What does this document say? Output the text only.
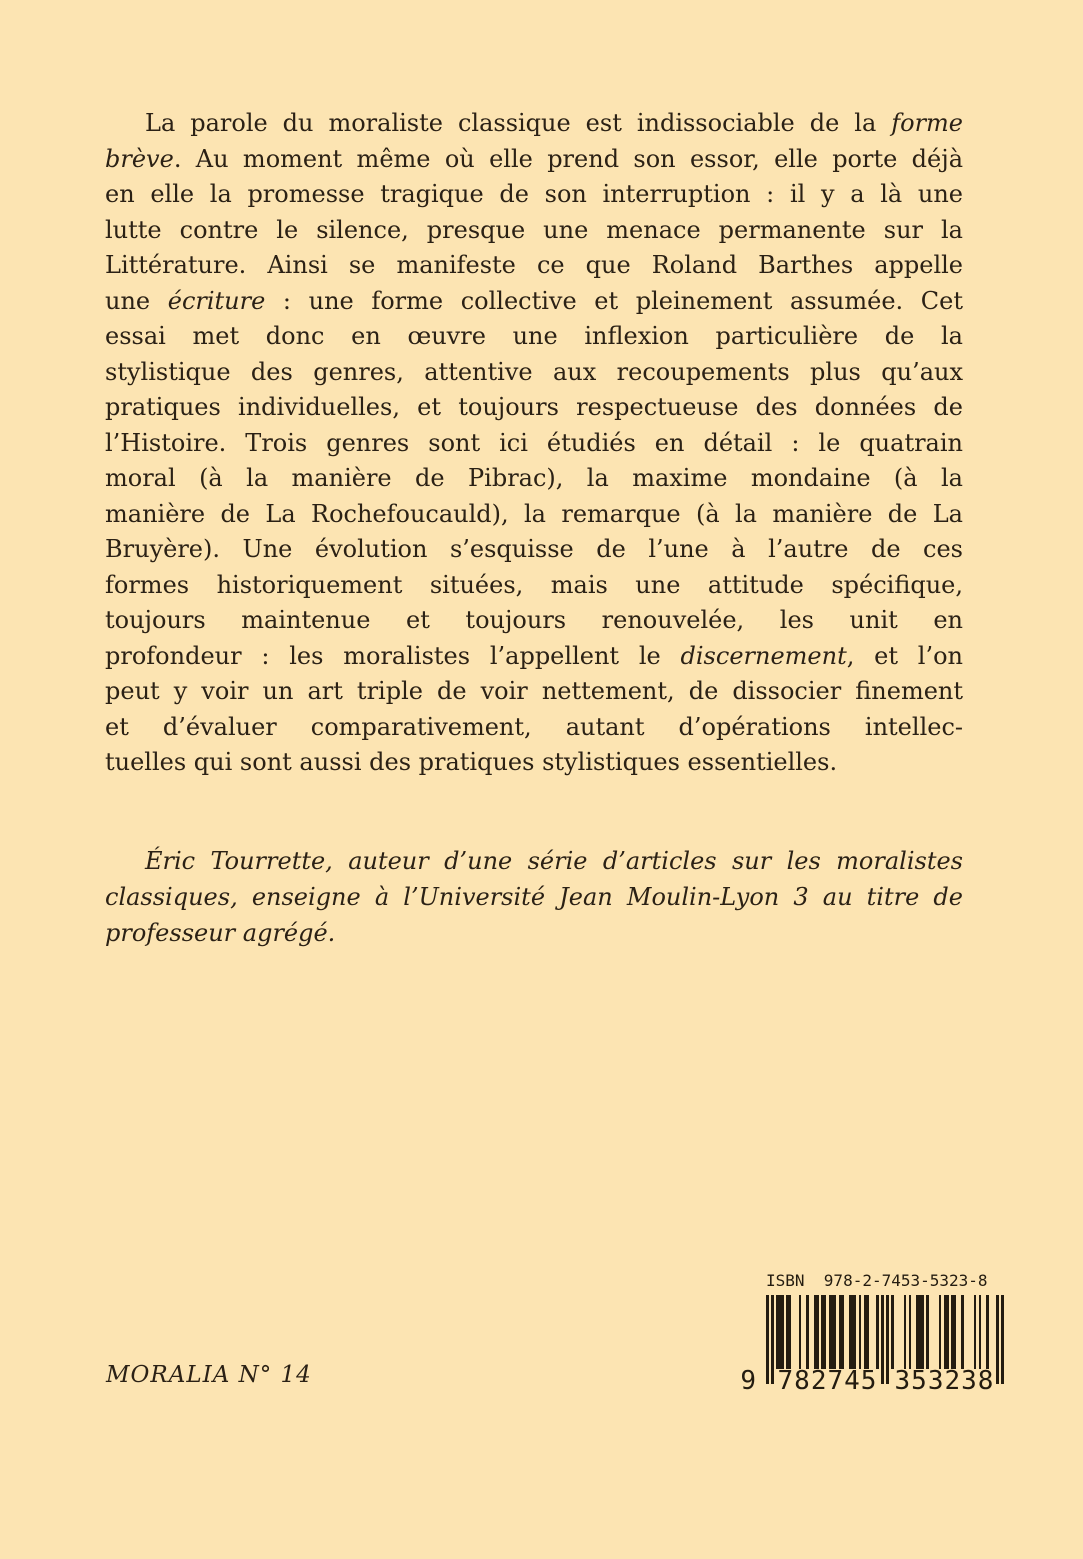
La parole du moraliste classique est indissociable de la forme
brève. Au moment même où elle prend son essor, elle porte déjà
en elle la promesse tragique de son interruption : il y a là une
lutte contre le silence, presque une menace permanente sur la
Littérature. Ainsi se manifeste ce que Roland Barthes appelle
une écriture : une forme collective et pleinement assumée. Cet
essai met donc en œuvre une inflexion particulière de la
stylistique des genres, attentive aux recoupements plus qu’aux
pratiques individuelles, et toujours respectueuse des données de
l’Histoire. Trois genres sont ici étudiés en détail : le quatrain
moral (à la manière de Pibrac), la maxime mondaine (à la
manière de La Rochefoucauld), la remarque (à la manière de La
Bruyère). Une évolution s’esquisse de l’une à l’autre de ces
formes historiquement situées, mais une attitude spécifique,
toujours maintenue et toujours renouvelée, les unit en
profondeur : les moralistes l’appellent le discernement, et l’on
peut y voir un art triple de voir nettement, de dissocier finement
et d’évaluer comparativement, autant d’opérations intellec-
tuelles qui sont aussi des pratiques stylistiques essentielles.
Éric Tourrette, auteur d’une série d’articles sur les moralistes
classiques, enseigne à l’Université Jean Moulin-Lyon 3 au titre de
professeur agrégé.
MORALIA N° 14
ISBN  978-2-7453-5323-8
9 782745 353238
